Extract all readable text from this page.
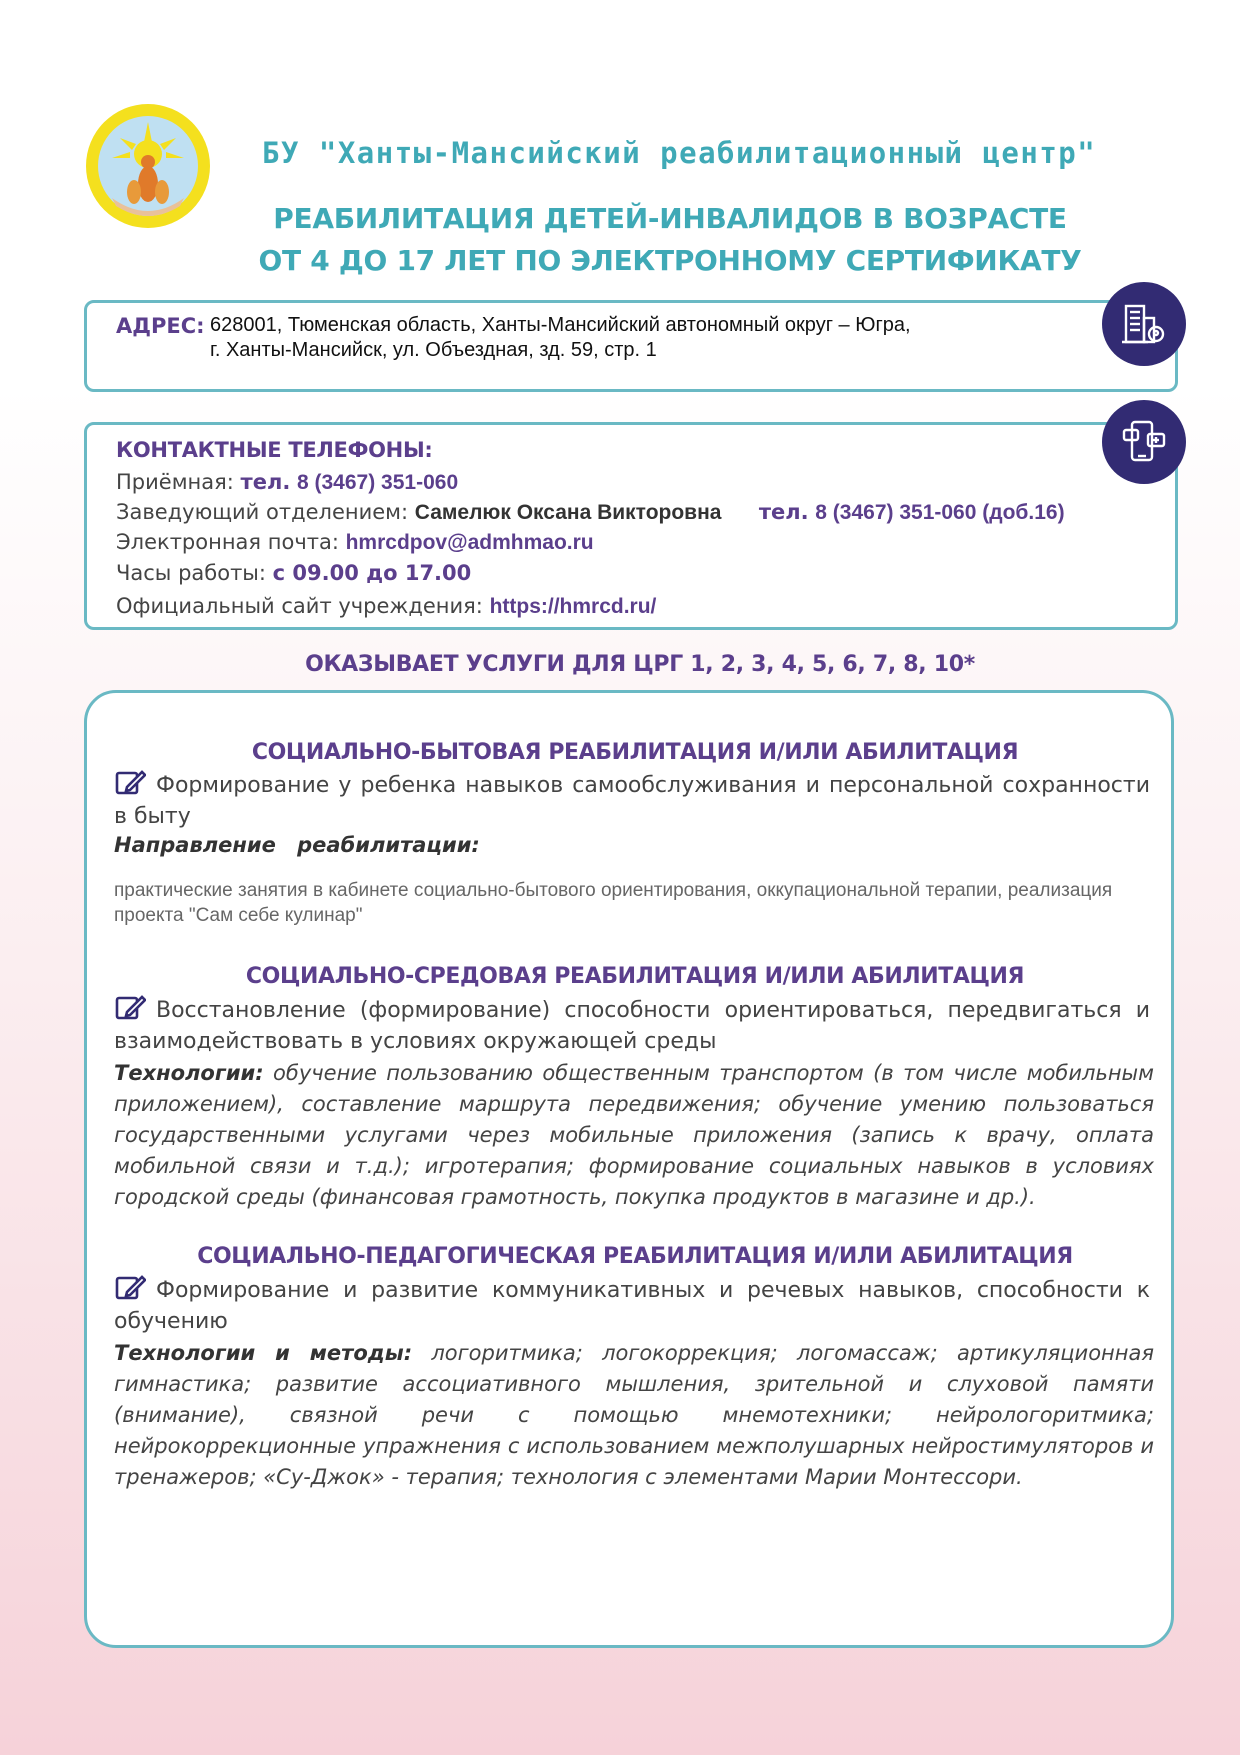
БУ "Ханты-Мансийский реабилитационный центр"
РЕАБИЛИТАЦИЯ ДЕТЕЙ-ИНВАЛИДОВ В ВОЗРАСТЕ
ОТ 4 ДО 17 ЛЕТ ПО ЭЛЕКТРОННОМУ СЕРТИФИКАТУ
АДРЕС: 628001, Тюменская область, Ханты-Мансийский автономный округ – Югра,
г. Ханты-Мансийск, ул. Объездная, зд. 59, стр. 1
КОНТАКТНЫЕ ТЕЛЕФОНЫ:
Приёмная: тел. 8 (3467) 351-060
Заведующий отделением: Самелюк Оксана Викторовна тел. 8 (3467) 351-060 (доб.16)
Электронная почта: hmrcdpov@admhmao.ru
Часы работы: с 09.00 до 17.00
Официальный сайт учреждения: https://hmrcd.ru/
ОКАЗЫВАЕТ УСЛУГИ ДЛЯ ЦРГ 1, 2, 3, 4, 5, 6, 7, 8, 10*
СОЦИАЛЬНО-БЫТОВАЯ РЕАБИЛИТАЦИЯ И/ИЛИ АБИЛИТАЦИЯ
Формирование у ребенка навыков самообслуживания и персональной сохранности в быту
Направление реабилитации:
практические занятия в кабинете социально-бытового ориентирования, оккупациональной терапии, реализация проекта "Сам себе кулинар"
СОЦИАЛЬНО-СРЕДОВАЯ РЕАБИЛИТАЦИЯ И/ИЛИ АБИЛИТАЦИЯ
Восстановление (формирование) способности ориентироваться, передвигаться и взаимодействовать в условиях окружающей среды
Технологии: обучение пользованию общественным транспортом (в том числе мобильным приложением), составление маршрута передвижения; обучение умению пользоваться государственными услугами через мобильные приложения (запись к врачу, оплата мобильной связи и т.д.); игротерапия; формирование социальных навыков в условиях городской среды (финансовая грамотность, покупка продуктов в магазине и др.).
СОЦИАЛЬНО-ПЕДАГОГИЧЕСКАЯ РЕАБИЛИТАЦИЯ И/ИЛИ АБИЛИТАЦИЯ
Формирование и развитие коммуникативных и речевых навыков, способности к обучению
Технологии и методы: логоритмика; логокоррекция; логомассаж; артикуляционная гимнастика; развитие ассоциативного мышления, зрительной и слуховой памяти (внимание), связной речи с помощью мнемотехники; нейрологоритмика; нейрокоррекционные упражнения с использованием межполушарных нейростимуляторов и тренажеров; «Су-Джок» - терапия; технология с элементами Марии Монтессори.
